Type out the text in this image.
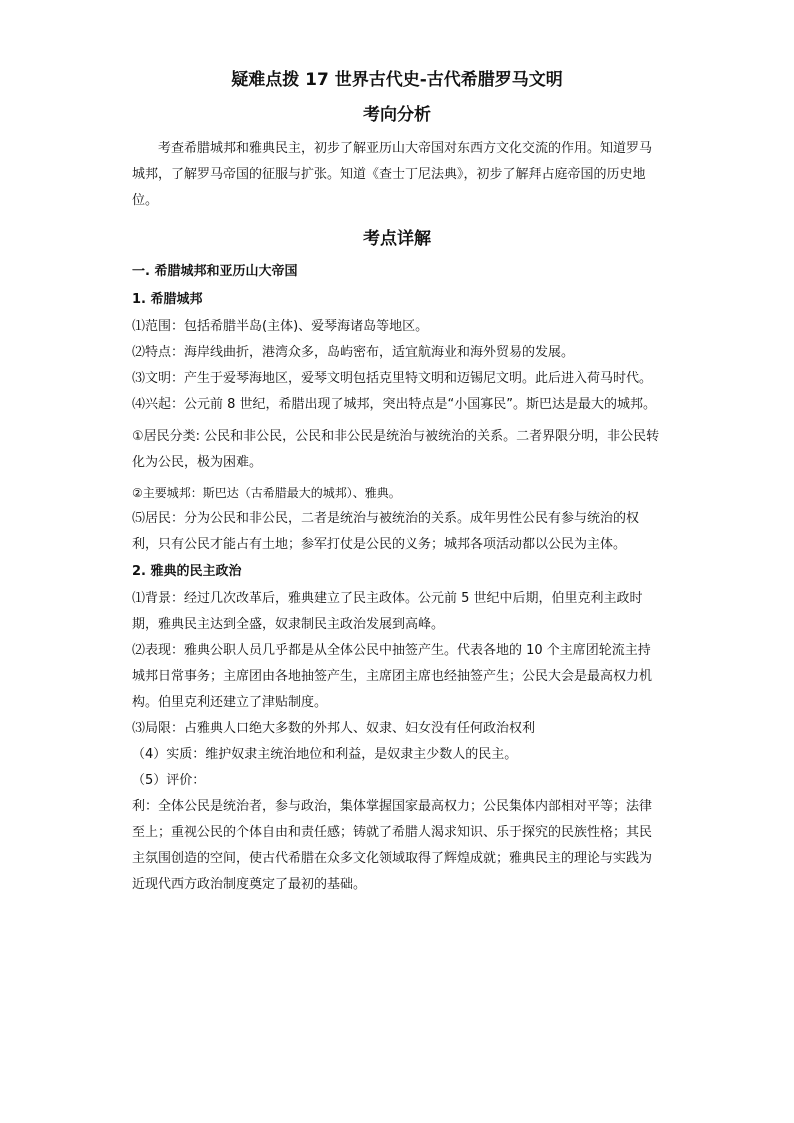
疑难点拨 17 世界古代史-古代希腊罗马文明
考向分析

考查希腊城邦和雅典民主，初步了解亚历山大帝国对东西方文化交流的作用。知道罗马城邦，了解罗马帝国的征服与扩张。知道《查士丁尼法典》，初步了解拜占庭帝国的历史地位。

考点详解
一. 希腊城邦和亚历山大帝国
1. 希腊城邦

⑴范围：包括希腊半岛(主体)、爱琴海诸岛等地区。

⑵特点：海岸线曲折，港湾众多，岛屿密布，适宜航海业和海外贸易的发展。

⑶文明：产生于爱琴海地区，爱琴文明包括克里特文明和迈锡尼文明。此后进入荷马时代。

⑷兴起：公元前 8 世纪，希腊出现了城邦，突出特点是“小国寡民”。斯巴达是最大的城邦。

①居民分类: 公民和非公民，公民和非公民是统治与被统治的关系。二者界限分明，非公民转化为公民，极为困难。

②主要城邦：斯巴达（古希腊最大的城邦）、雅典。

⑸居民：分为公民和非公民，二者是统治与被统治的关系。成年男性公民有参与统治的权利，只有公民才能占有土地；参军打仗是公民的义务；城邦各项活动都以公民为主体。

2. 雅典的民主政治

⑴背景：经过几次改革后，雅典建立了民主政体。公元前 5 世纪中后期，伯里克利主政时期，雅典民主达到全盛，奴隶制民主政治发展到高峰。

⑵表现：雅典公职人员几乎都是从全体公民中抽签产生。代表各地的 10 个主席团轮流主持城邦日常事务；主席团由各地抽签产生，主席团主席也经抽签产生；公民大会是最高权力机构。伯里克利还建立了津贴制度。

⑶局限：占雅典人口绝大多数的外邦人、奴隶、妇女没有任何政治权利

（4）实质：维护奴隶主统治地位和利益，是奴隶主少数人的民主。

（5）评价：

利：全体公民是统治者，参与政治，集体掌握国家最高权力；公民集体内部相对平等；法律至上；重视公民的个体自由和责任感；铸就了希腊人渴求知识、乐于探究的民族性格；其民主氛围创造的空间，使古代希腊在众多文化领域取得了辉煌成就；雅典民主的理论与实践为近现代西方政治制度奠定了最初的基础。
